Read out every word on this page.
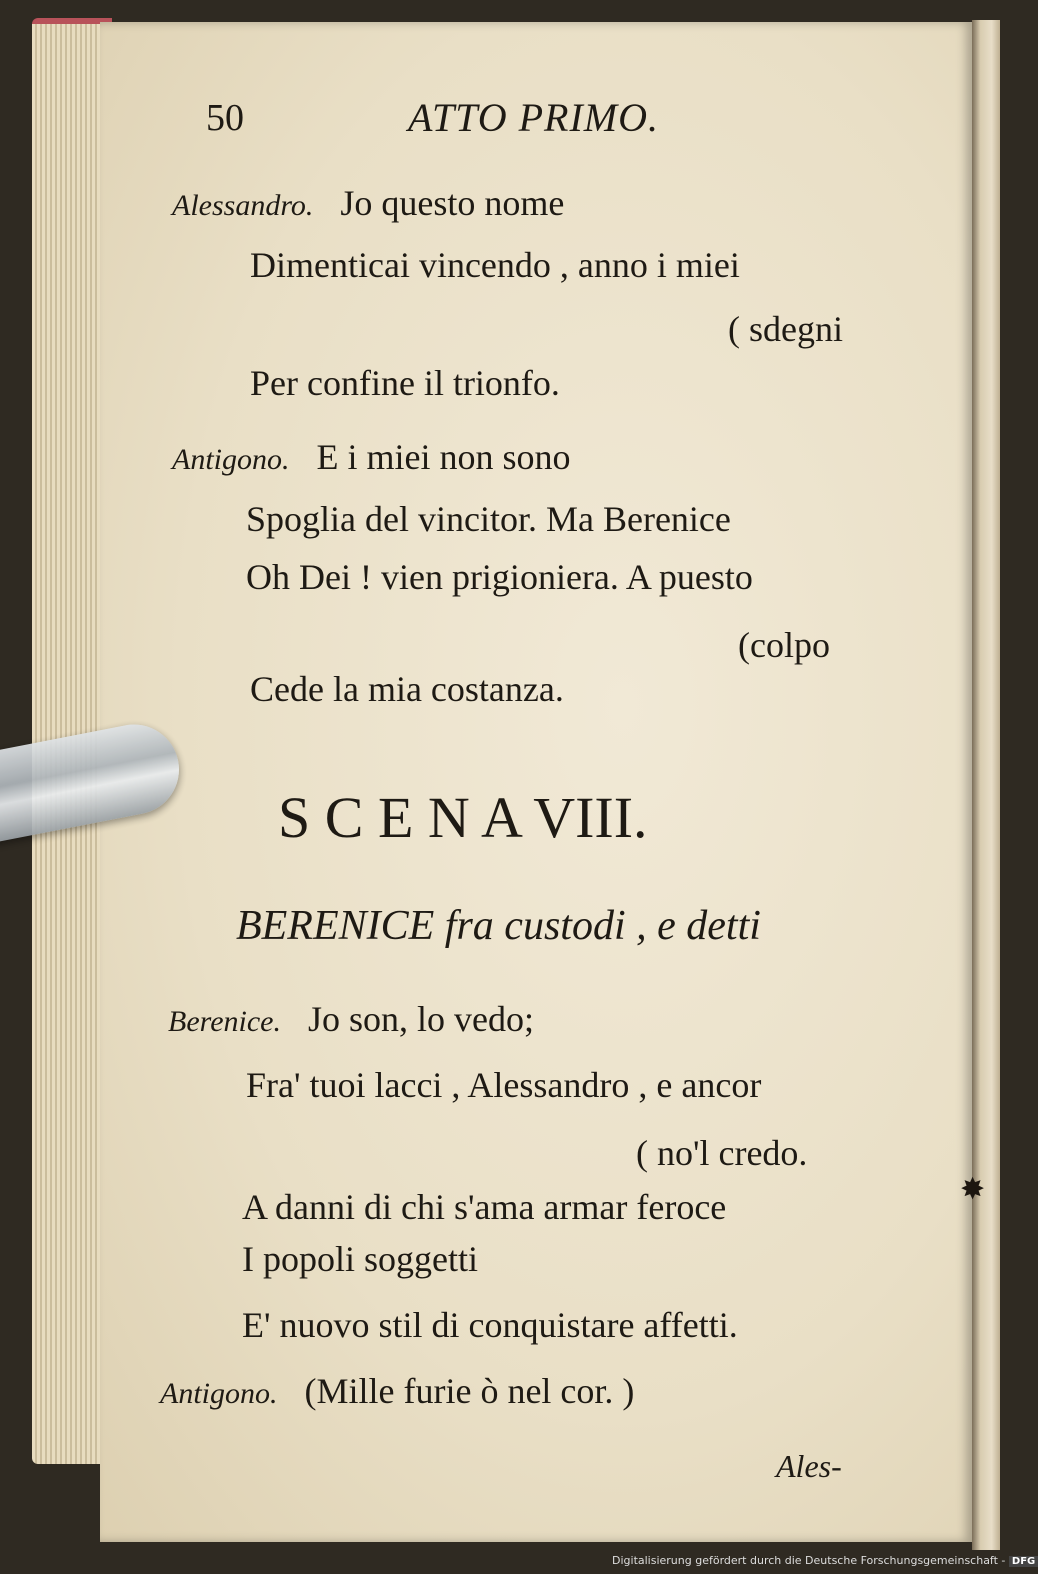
✸
50	ATTO PRIMO.
Alessandro. Jo questo nome
Dimenticai vincendo , anno i miei
( sdegni
Per confine il trionfo.
Antigono. E i miei non sono
Spoglia del vincitor. Ma Berenice
Oh Dei ! vien prigioniera. A puesto
(colpo
Cede la mia costanza.
S C E N A VIII.
BERENICE fra custodi , e detti
Berenice. Jo son, lo vedo;
Fra' tuoi lacci , Alessandro , e ancor
( no'l credo.
A danni di chi s'ama armar feroce
I popoli soggetti
E' nuovo stil di conquistare affetti.
Antigono. (Mille furie ò nel cor. )
Ales-
Digitalisierung gefördert durch die Deutsche Forschungsgemeinschaft - DFG
